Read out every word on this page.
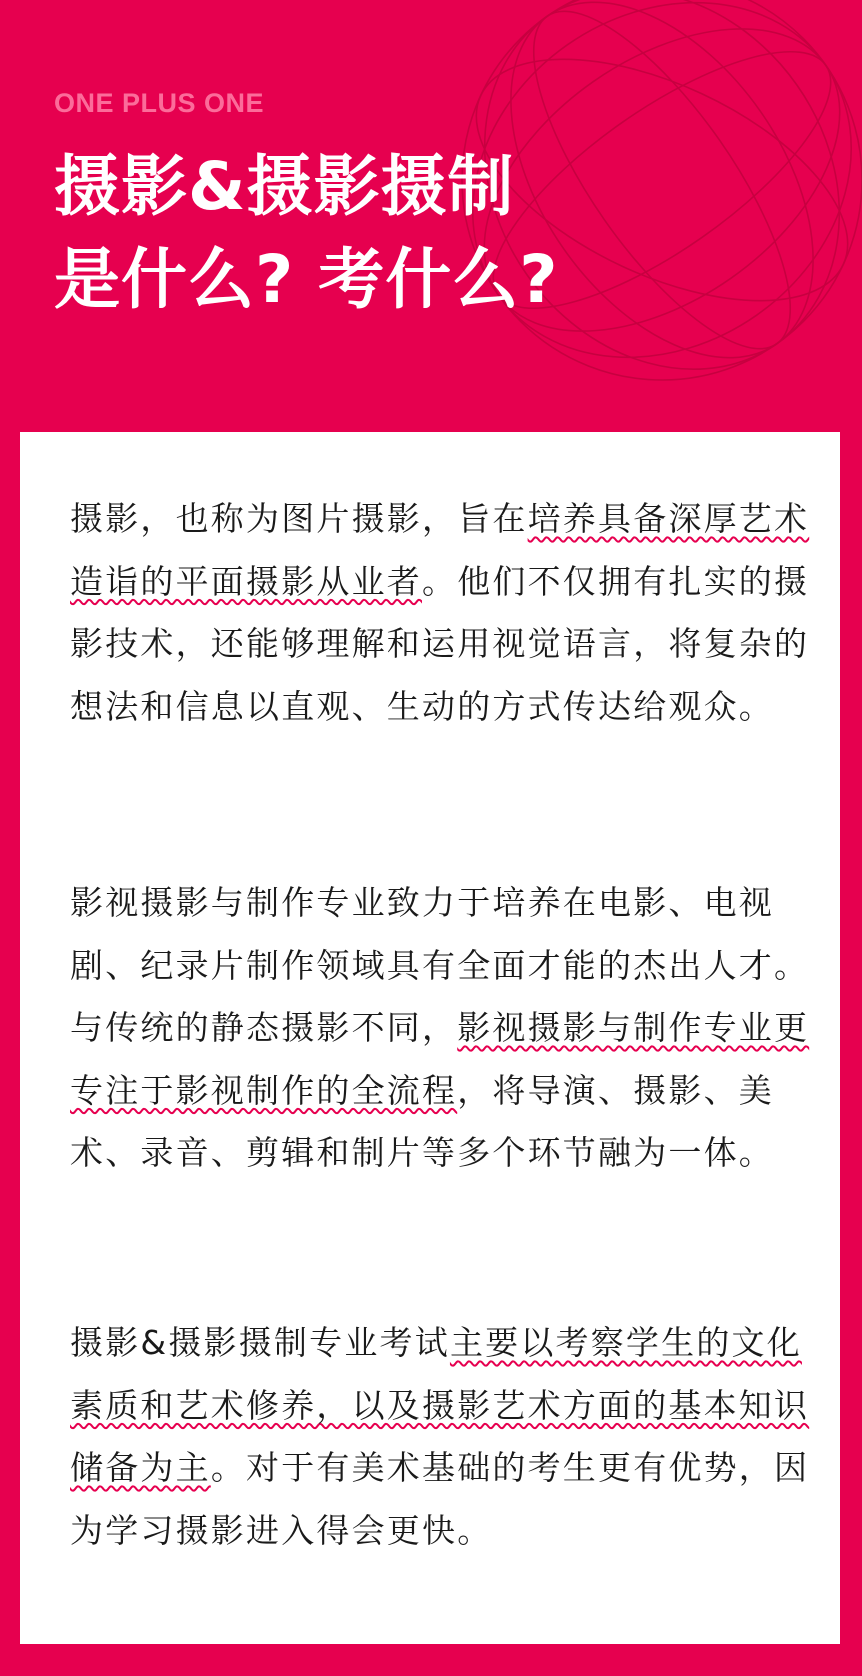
ONE PLUS ONE
摄影&摄影摄制
是什么? 考什么?
摄影，也称为图片摄影，旨在培养具备深厚艺术造诣的平面摄影从业者。他们不仅拥有扎实的摄影技术，还能够理解和运用视觉语言，将复杂的想法和信息以直观、生动的方式传达给观众。
影视摄影与制作专业致力于培养在电影、电视剧、纪录片制作领域具有全面才能的杰出人才。与传统的静态摄影不同，影视摄影与制作专业更专注于影视制作的全流程，将导演、摄影、美术、录音、剪辑和制片等多个环节融为一体。
摄影&摄影摄制专业考试主要以考察学生的文化素质和艺术修养，以及摄影艺术方面的基本知识储备为主。对于有美术基础的考生更有优势，因为学习摄影进入得会更快。
